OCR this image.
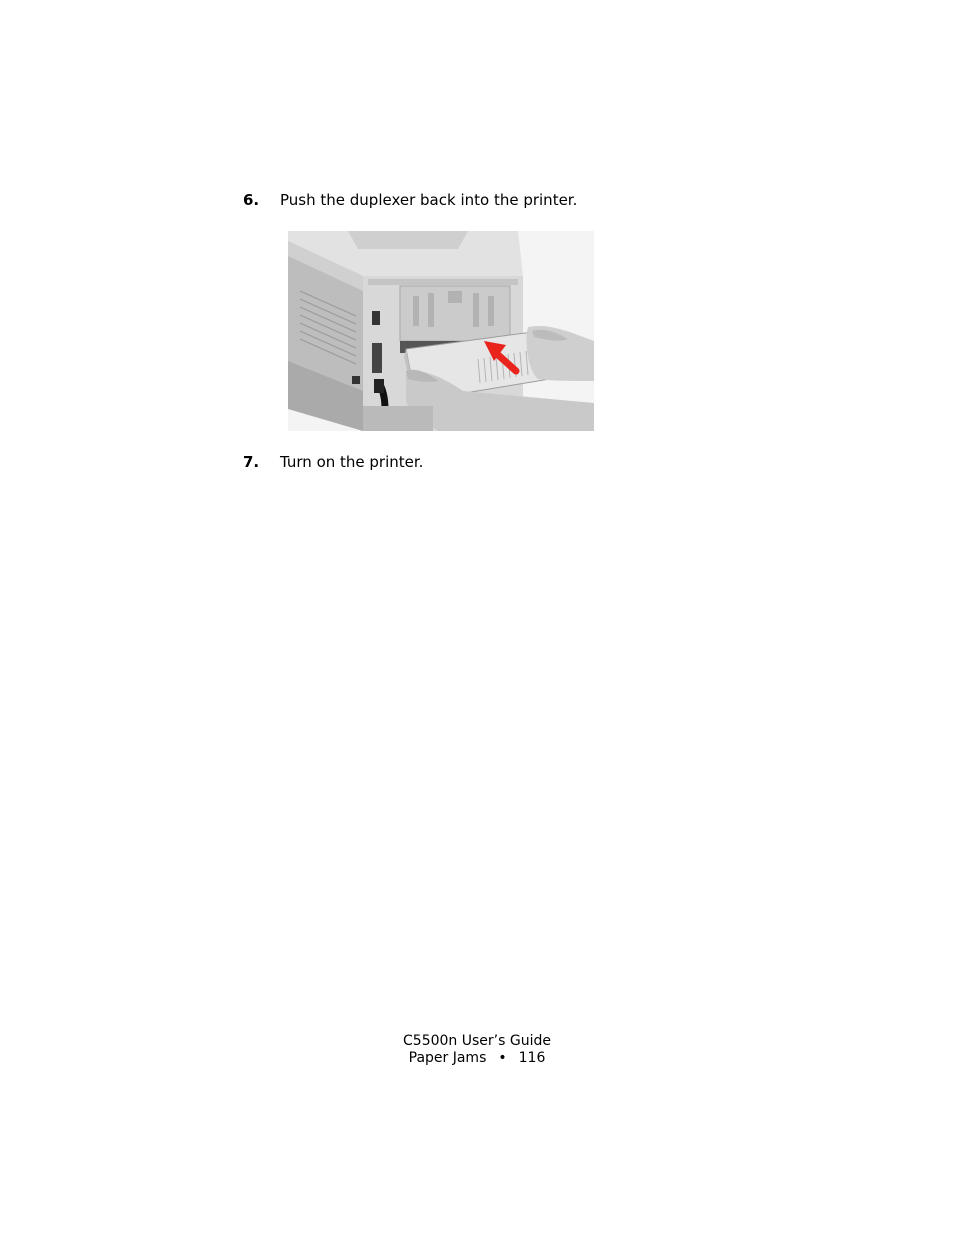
6. Push the duplexer back into the printer.
7. Turn on the printer.
C5500n User’s Guide
Paper Jams • 116
